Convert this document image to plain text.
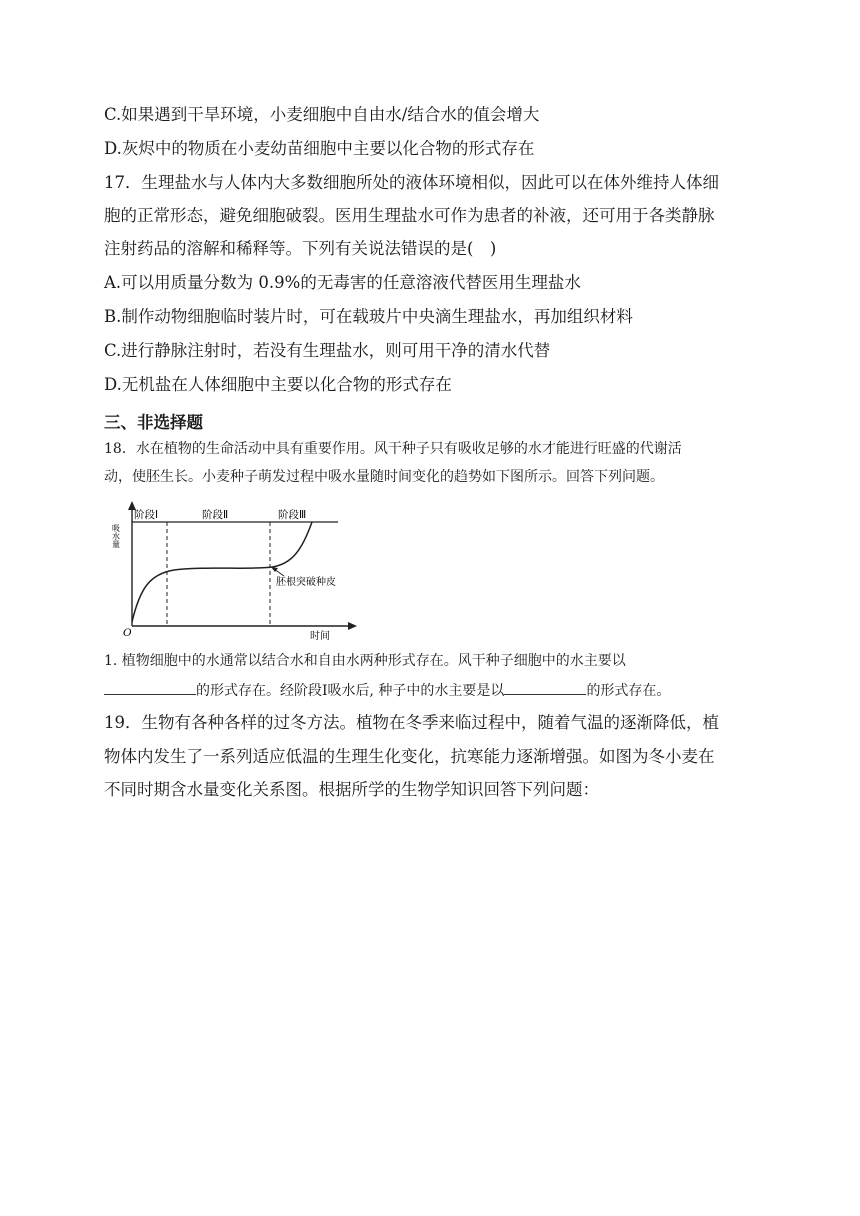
C.如果遇到干旱环境，小麦细胞中自由水/结合水的值会增大
D.灰烬中的物质在小麦幼苗细胞中主要以化合物的形式存在
17．生理盐水与人体内大多数细胞所处的液体环境相似，因此可以在体外维持人体细
胞的正常形态，避免细胞破裂。医用生理盐水可作为患者的补液，还可用于各类静脉
注射药品的溶解和稀释等。下列有关说法错误的是(　)
A.可以用质量分数为 0.9%的无毒害的任意溶液代替医用生理盐水
B.制作动物细胞临时装片时，可在载玻片中央滴生理盐水，再加组织材料
C.进行静脉注射时，若没有生理盐水，则可用干净的清水代替
D.无机盐在人体细胞中主要以化合物的形式存在
三、非选择题
18．水在植物的生命活动中具有重要作用。风干种子只有吸收足够的水才能进行旺盛的代谢活
动，使胚生长。小麦种子萌发过程中吸水量随时间变化的趋势如下图所示。回答下列问题。
阶段Ⅰ	阶段Ⅱ	阶段Ⅲ
胚根突破种皮
时间
O
吸水量
1. 植物细胞中的水通常以结合水和自由水两种形式存在。风干种子细胞中的水主要以
的形式存在。经阶段Ⅰ吸水后, 种子中的水主要是以	的形式存在。
19．生物有各种各样的过冬方法。植物在冬季来临过程中，随着气温的逐渐降低，植
物体内发生了一系列适应低温的生理生化变化，抗寒能力逐渐增强。如图为冬小麦在
不同时期含水量变化关系图。根据所学的生物学知识回答下列问题：
